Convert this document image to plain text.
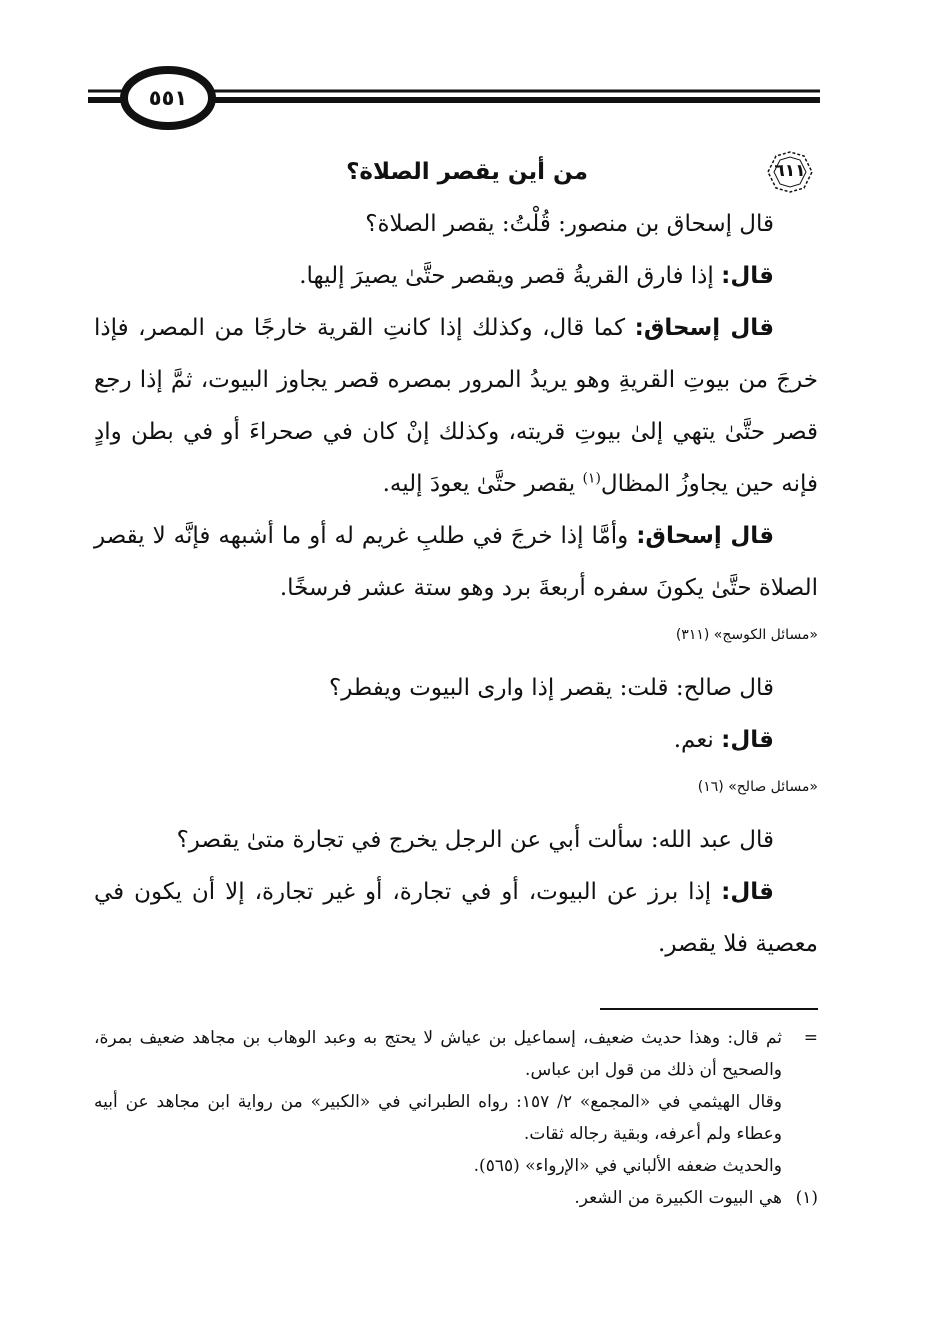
٥٥١
٦١١
من أين يقصر الصلاة؟

قال إسحاق بن منصور: قُلْتُ: يقصر الصلاة؟

قال: إذا فارق القريةُ قصر ويقصر حتَّىٰ يصيرَ إليها.

قال إسحاق: كما قال، وكذلك إذا كانتِ القرية خارجًا من المصر، فإذا خرجَ من بيوتِ القريةِ وهو يريدُ المرور بمصره قصر يجاوز البيوت، ثمَّ إذا رجع قصر حتَّىٰ يتهي إلىٰ بيوتِ قريته، وكذلك إنْ كان في صحراءَ أو في بطن وادٍ فإنه حين يجاوزُ المظال$^{(١)}$ يقصر حتَّىٰ يعودَ إليه.

قال إسحاق: وأمَّا إذا خرجَ في طلبِ غريم له أو ما أشبهه فإنَّه لا يقصر الصلاة حتَّىٰ يكونَ سفره أربعةَ برد وهو ستة عشر فرسخًا.

«مسائل الكوسج» (٣١١)

قال صالح: قلت: يقصر إذا وارى البيوت ويفطر؟

قال: نعم.

«مسائل صالح» (١٦)

قال عبد الله: سألت أبي عن الرجل يخرج في تجارة متىٰ يقصر؟

قال: إذا برز عن البيوت، أو في تجارة، أو غير تجارة، إلا أن يكون في معصية فلا يقصر.

=

ثم قال: وهذا حديث ضعيف، إسماعيل بن عياش لا يحتج به وعبد الوهاب بن مجاهد ضعيف بمرة، والصحيح أن ذلك من قول ابن عباس.

وقال الهيثمي في «المجمع» ٢/ ١٥٧: رواه الطبراني في «الكبير» من رواية ابن مجاهد عن أبيه وعطاء ولم أعرفه، وبقية رجاله ثقات.

والحديث ضعفه الألباني في «الإرواء» (٥٦٥).

(١)

هي البيوت الكبيرة من الشعر.
